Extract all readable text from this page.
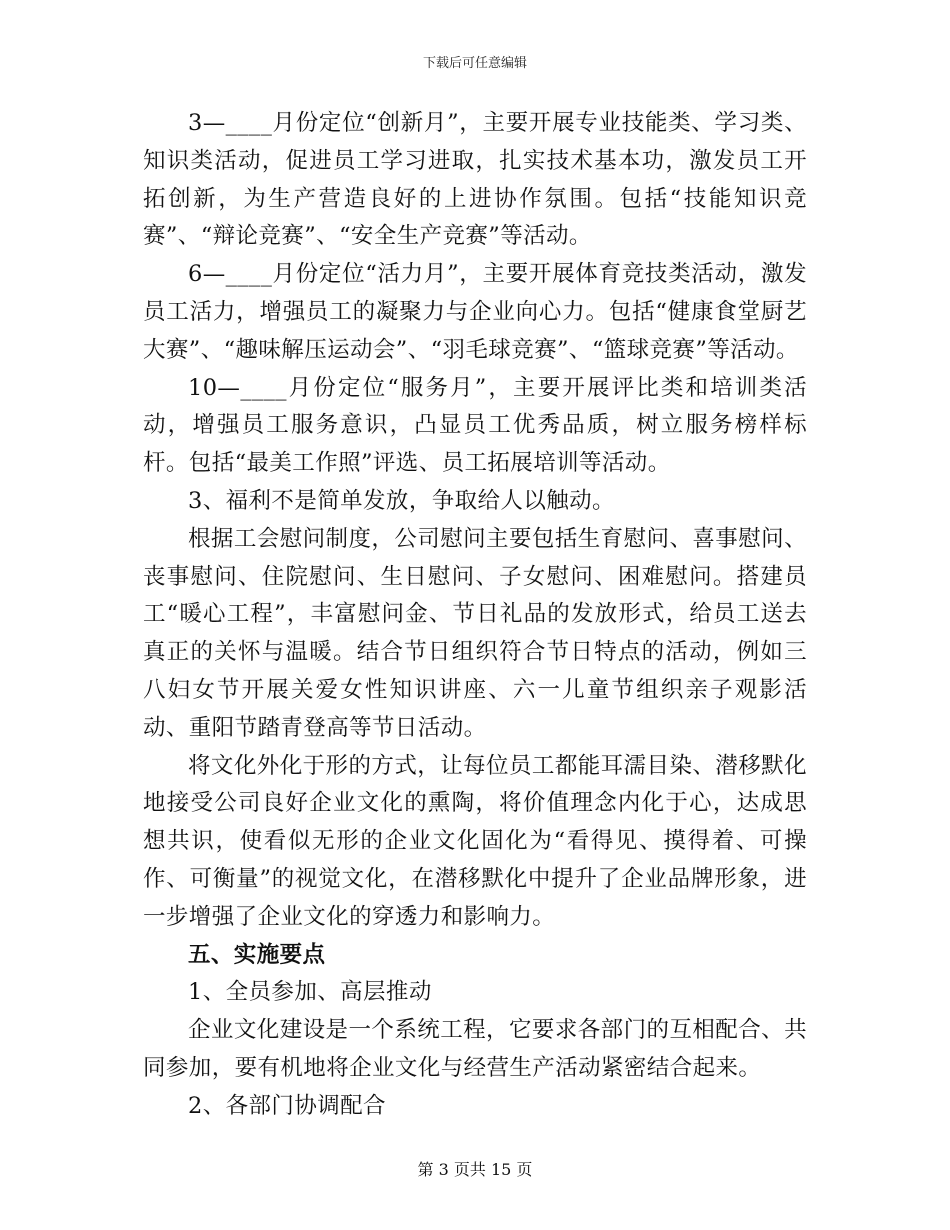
下载后可任意编辑

3—____月份定位“创新月”，主要开展专业技能类、学习类、知识类活动，促进员工学习进取，扎实技术基本功，激发员工开拓创新，为生产营造良好的上进协作氛围。包括“技能知识竞赛”、“辩论竞赛”、“安全生产竞赛”等活动。

6—____月份定位“活力月”，主要开展体育竞技类活动，激发员工活力，增强员工的凝聚力与企业向心力。包括“健康食堂厨艺大赛”、“趣味解压运动会”、“羽毛球竞赛”、“篮球竞赛”等活动。

10—____月份定位“服务月”，主要开展评比类和培训类活动，增强员工服务意识，凸显员工优秀品质，树立服务榜样标杆。包括“最美工作照”评选、员工拓展培训等活动。

3、福利不是简单发放，争取给人以触动。

根据工会慰问制度，公司慰问主要包括生育慰问、喜事慰问、丧事慰问、住院慰问、生日慰问、子女慰问、困难慰问。搭建员工“暖心工程”，丰富慰问金、节日礼品的发放形式，给员工送去真正的关怀与温暖。结合节日组织符合节日特点的活动，例如三八妇女节开展关爱女性知识讲座、六一儿童节组织亲子观影活动、重阳节踏青登高等节日活动。

将文化外化于形的方式，让每位员工都能耳濡目染、潜移默化地接受公司良好企业文化的熏陶，将价值理念内化于心，达成思想共识，使看似无形的企业文化固化为“看得见、摸得着、可操作、可衡量”的视觉文化，在潜移默化中提升了企业品牌形象，进一步增强了企业文化的穿透力和影响力。

五、实施要点

1、全员参加、高层推动

企业文化建设是一个系统工程，它要求各部门的互相配合、共同参加，要有机地将企业文化与经营生产活动紧密结合起来。

2、各部门协调配合

第 3 页共 15 页
